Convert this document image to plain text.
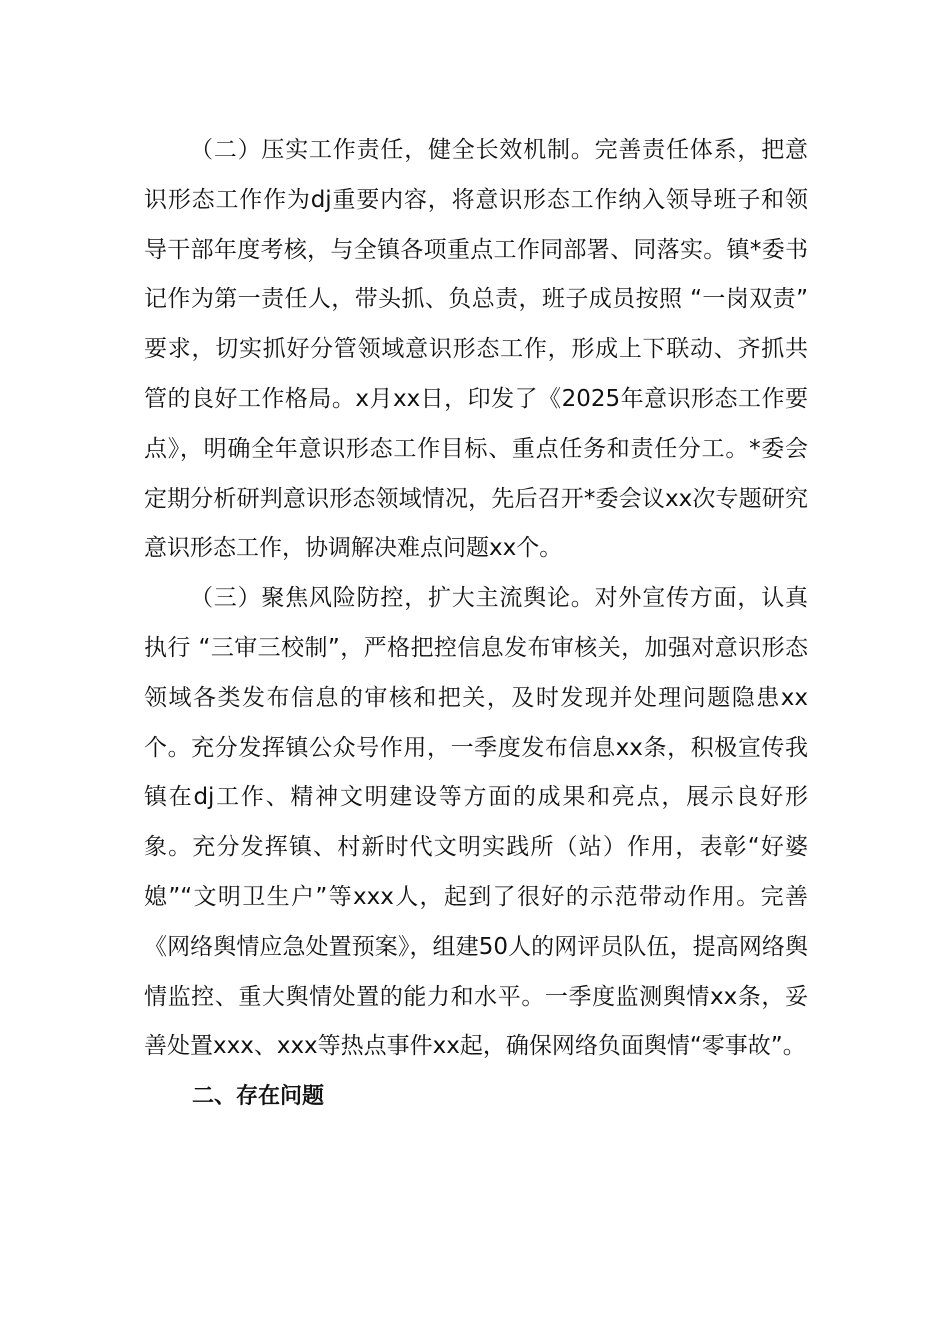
（二）压实工作责任，健全长效机制。完善责任体系，把意识形态工作作为dj重要内容，将意识形态工作纳入领导班子和领导干部年度考核，与全镇各项重点工作同部署、同落实。镇*委书记作为第一责任人，带头抓、负总责，班子成员按照 “一岗双责” 要求，切实抓好分管领域意识形态工作，形成上下联动、齐抓共管的良好工作格局。x月xx日，印发了《2025年意识形态工作要点》，明确全年意识形态工作目标、重点任务和责任分工。*委会定期分析研判意识形态领域情况，先后召开*委会议xx次专题研究意识形态工作，协调解决难点问题xx个。

（三）聚焦风险防控，扩大主流舆论。对外宣传方面，认真执行 “三审三校制”，严格把控信息发布审核关，加强对意识形态领域各类发布信息的审核和把关，及时发现并处理问题隐患xx个。充分发挥镇公众号作用，一季度发布信息xx条，积极宣传我镇在dj工作、精神文明建设等方面的成果和亮点，展示良好形象。充分发挥镇、村新时代文明实践所（站）作用，表彰“好婆媳”“文明卫生户”等xxx人，起到了很好的示范带动作用。完善《网络舆情应急处置预案》，组建50人的网评员队伍，提高网络舆情监控、重大舆情处置的能力和水平。一季度监测舆情xx条，妥善处置xxx、xxx等热点事件xx起，确保网络负面舆情“零事故”。

二、存在问题
